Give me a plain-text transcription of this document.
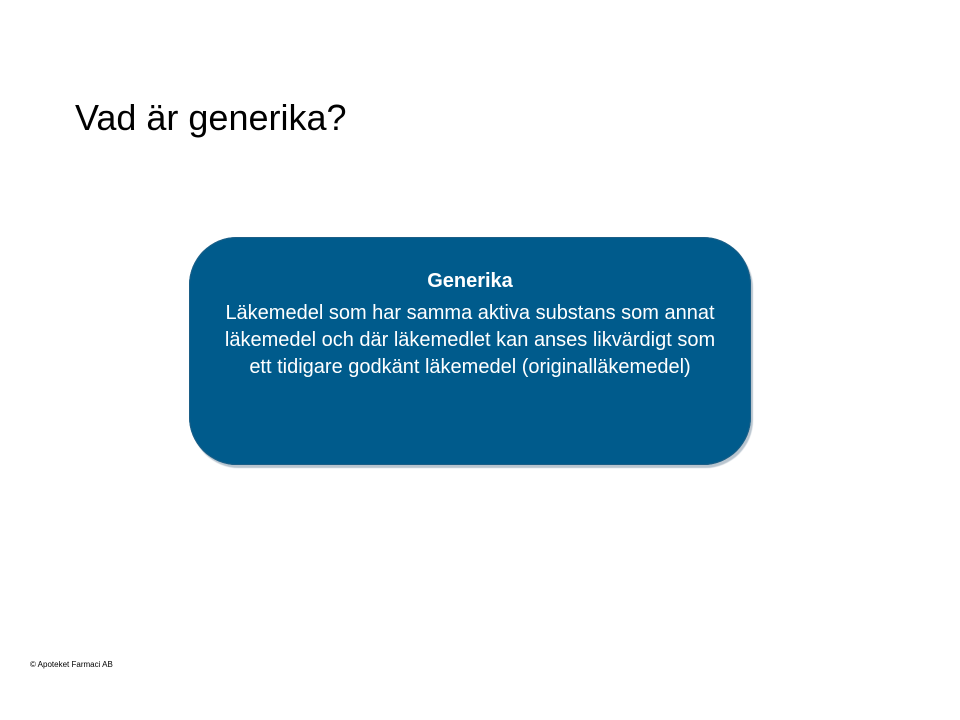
Vad är generika?

Generika

Läkemedel som har samma aktiva substans som annat läkemedel och där läkemedlet kan anses likvärdigt som ett tidigare godkänt läkemedel (originalläkemedel)

© Apoteket Farmaci AB
